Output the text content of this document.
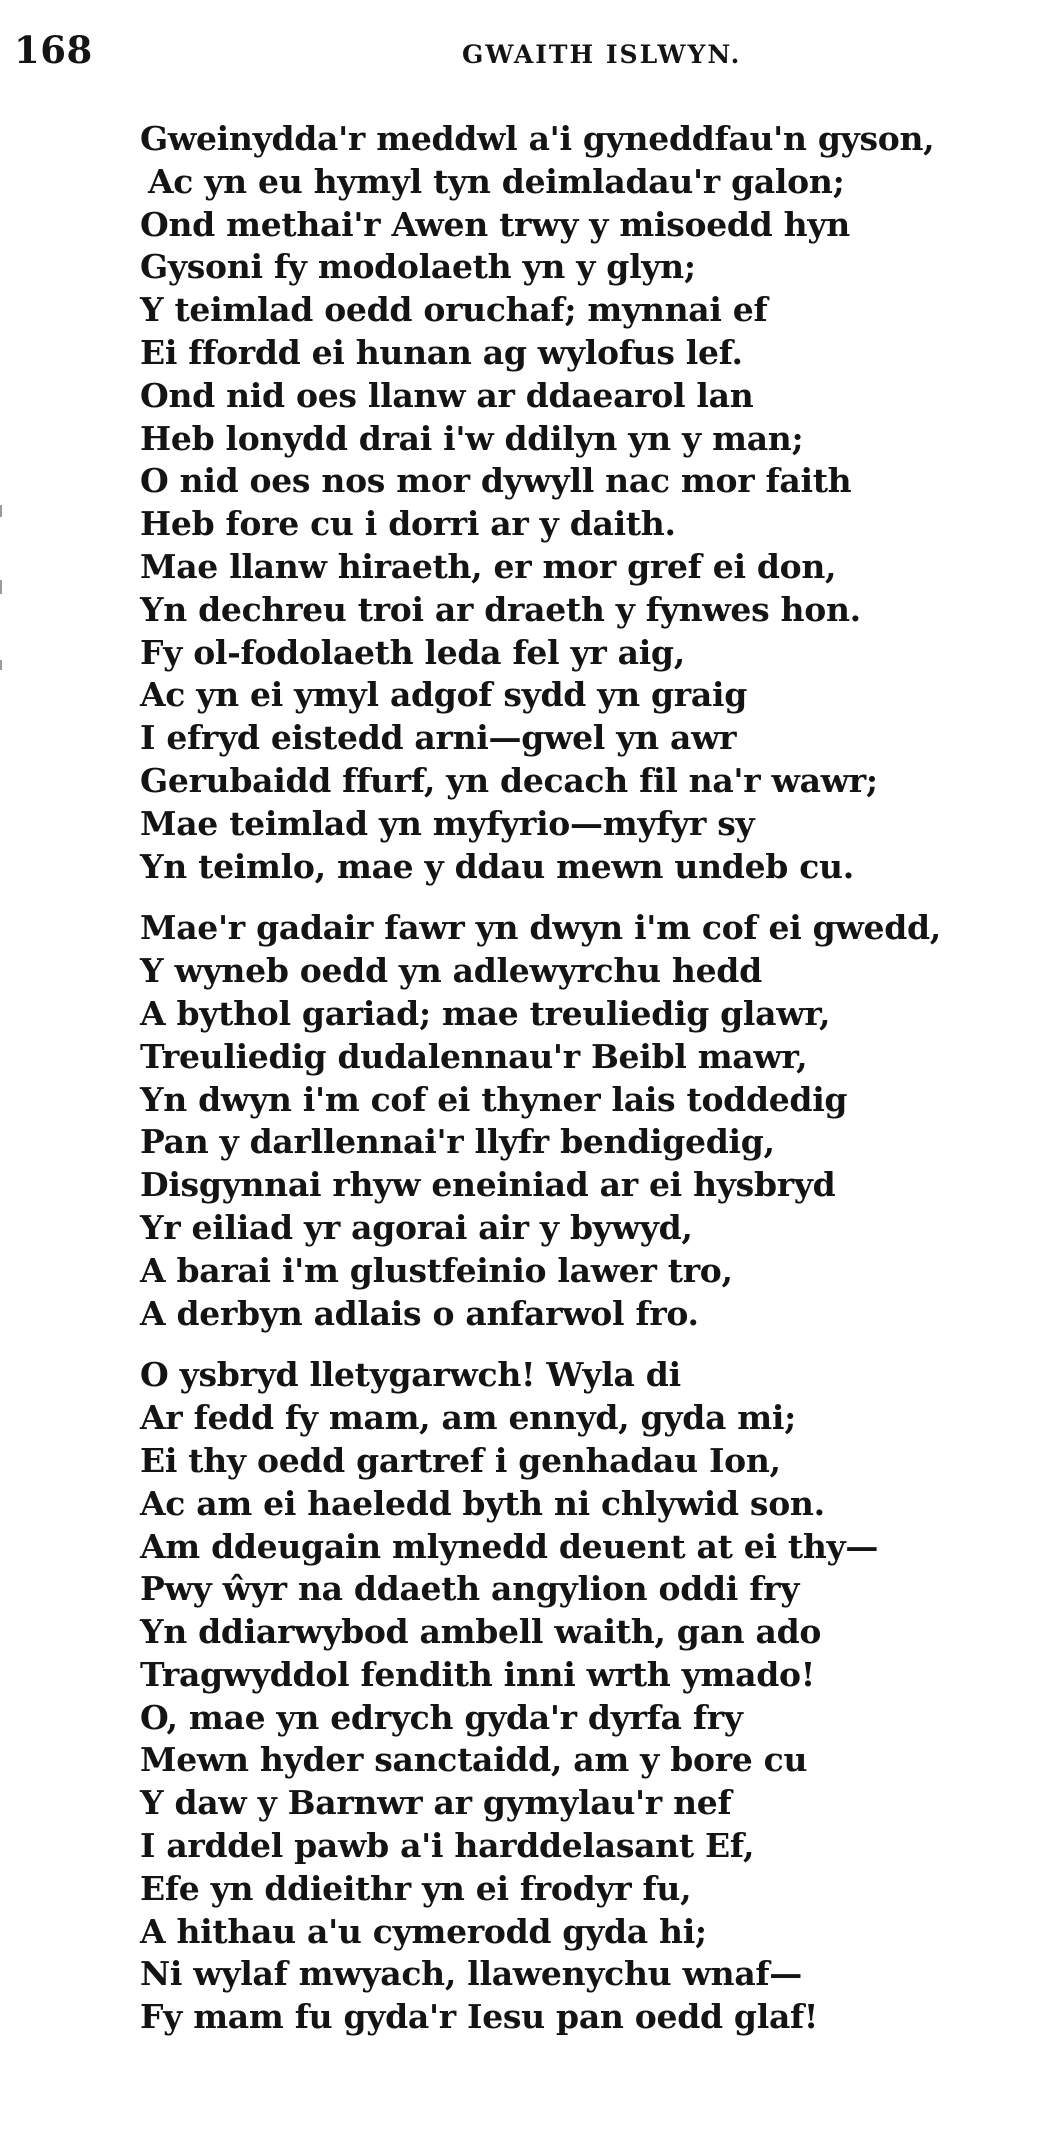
168	GWAITH ISLWYN.
Gweinydda'r meddwl a'i gyneddfau'n gyson,
Ac yn eu hymyl tyn deimladau'r galon;
Ond methai'r Awen trwy y misoedd hyn
Gysoni fy modolaeth yn y glyn;
Y teimlad oedd oruchaf; mynnai ef
Ei ffordd ei hunan ag wylofus lef.
Ond nid oes llanw ar ddaearol lan
Heb lonydd drai i'w ddilyn yn y man;
O nid oes nos mor dywyll nac mor faith
Heb fore cu i dorri ar y daith.
Mae llanw hiraeth, er mor gref ei don,
Yn dechreu troi ar draeth y fynwes hon.
Fy ol-fodolaeth leda fel yr aig,
Ac yn ei ymyl adgof sydd yn graig
I efryd eistedd arni—gwel yn awr
Gerubaidd ffurf, yn decach fil na'r wawr;
Mae teimlad yn myfyrio—myfyr sy
Yn teimlo, mae y ddau mewn undeb cu.
Mae'r gadair fawr yn dwyn i'm cof ei gwedd,
Y wyneb oedd yn adlewyrchu hedd
A bythol gariad; mae treuliedig glawr,
Treuliedig dudalennau'r Beibl mawr,
Yn dwyn i'm cof ei thyner lais toddedig
Pan y darllennai'r llyfr bendigedig,
Disgynnai rhyw eneiniad ar ei hysbryd
Yr eiliad yr agorai air y bywyd,
A barai i'm glustfeinio lawer tro,
A derbyn adlais o anfarwol fro.
O ysbryd lletygarwch! Wyla di
Ar fedd fy mam, am ennyd, gyda mi;
Ei thy oedd gartref i genhadau Ion,
Ac am ei haeledd byth ni chlywid son.
Am ddeugain mlynedd deuent at ei thy—
Pwy ŵyr na ddaeth angylion oddi fry
Yn ddiarwybod ambell waith, gan ado
Tragwyddol fendith inni wrth ymado!
O, mae yn edrych gyda'r dyrfa fry
Mewn hyder sanctaidd, am y bore cu
Y daw y Barnwr ar gymylau'r nef
I arddel pawb a'i harddelasant Ef,
Efe yn ddieithr yn ei frodyr fu,
A hithau a'u cymerodd gyda hi;
Ni wylaf mwyach, llawenychu wnaf—
Fy mam fu gyda'r Iesu pan oedd glaf!
